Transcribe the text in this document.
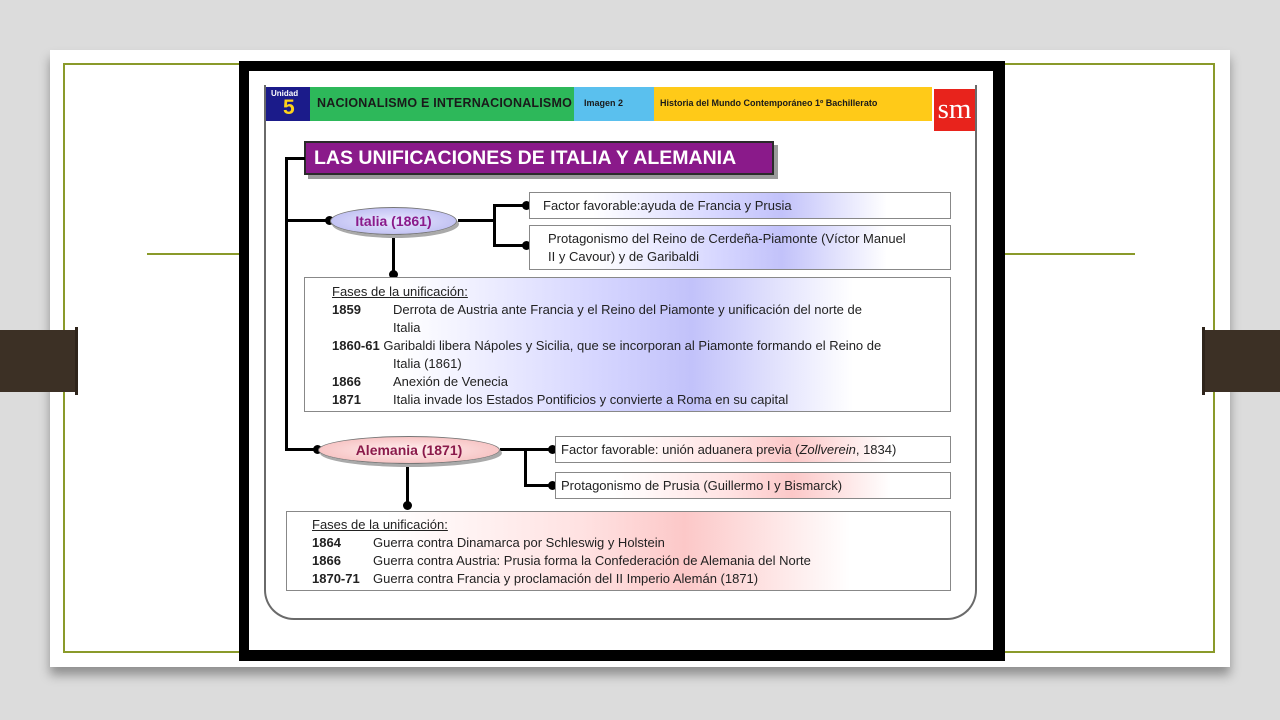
Unidad
5 NACIONALISMO E INTERNACIONALISMO Imagen 2	Historia del Mundo Contemporáneo 1º Bachillerato sm
LAS UNIFICACIONES DE ITALIA Y ALEMANIA
Italia (1861)
Alemania (1871)
Factor favorable:ayuda de Francia y Prusia
Protagonismo del Reino de Cerdeña-Piamonte (Víctor Manuel
II y Cavour) y de Garibaldi
Fases de la unificación:
1859 Derrota de Austria ante Francia y el Reino del Piamonte y unificación del norte de
Italia
1860-61 Garibaldi libera Nápoles y Sicilia, que se incorporan al Piamonte formando el Reino de
Italia (1861)
1866 Anexión de Venecia
1871 Italia invade los Estados Pontificios y convierte a Roma en su capital
Factor favorable: unión aduanera previa (Zollverein, 1834)
Protagonismo de Prusia (Guillermo I y Bismarck)
Fases de la unificación:
1864 Guerra contra Dinamarca por Schleswig y Holstein
1866 Guerra contra Austria: Prusia forma la Confederación de Alemania del Norte
1870-71 Guerra contra Francia y proclamación del II Imperio Alemán (1871)
